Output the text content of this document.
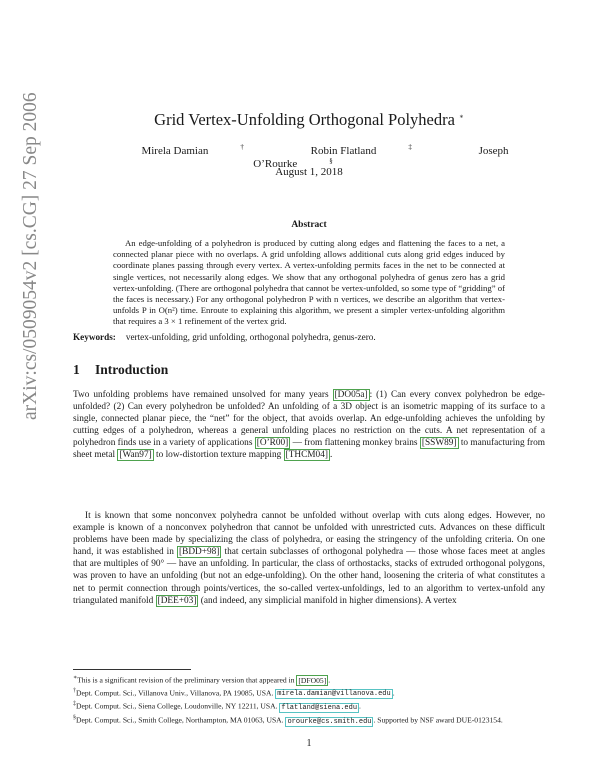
arXiv:cs/0509054v2 [cs.CG] 27 Sep 2006	Grid Vertex-Unfolding Orthogonal Polyhedra ∗
Mirela Damian	†	Robin Flatland	‡	Joseph O’Rourke	§
August 1, 2018
Abstract
An edge-unfolding of a polyhedron is produced by cutting along edges and flattening the faces to a net, a connected planar piece with no overlaps. A grid unfolding allows additional cuts along grid edges induced by coordinate planes passing through every vertex. A vertex-unfolding permits faces in the net to be connected at single vertices, not necessarily along edges. We show that any orthogonal polyhedra of genus zero has a grid vertex-unfolding. (There are orthogonal polyhedra that cannot be vertex-unfolded, so some type of “gridding” of the faces is necessary.) For any orthogonal polyhedron P with n vertices, we describe an algorithm that vertex-unfolds P in O(n²) time. Enroute to explaining this algorithm, we present a simpler vertex-unfolding algorithm that requires a 3 × 1 refinement of the vertex grid.
Keywords: vertex-unfolding, grid unfolding, orthogonal polyhedra, genus-zero.
1 Introduction
Two unfolding problems have remained unsolved for many years [DO05a] : (1) Can every convex polyhedron be edge-unfolded? (2) Can every polyhedron be unfolded? An unfolding of a 3D object is an isometric mapping of its surface to a single, connected planar piece, the “net” for the object, that avoids overlap. An edge-unfolding achieves the unfolding by cutting edges of a polyhedron, whereas a general unfolding places no restriction on the cuts. A net representation of a polyhedron finds use in a variety of applications [O’R00] — from flattening monkey brains [SSW89] to manufacturing from sheet metal [Wan97] to low-distortion texture mapping [THCM04] .
It is known that some nonconvex polyhedra cannot be unfolded without overlap with cuts along edges. However, no example is known of a nonconvex polyhedron that cannot be unfolded with unrestricted cuts. Advances on these difficult problems have been made by specializing the class of polyhedra, or easing the stringency of the unfolding criteria. On one hand, it was established in [BDD+98] that certain subclasses of orthogonal polyhedra — those whose faces meet at angles that are multiples of 90° — have an unfolding. In particular, the class of orthostacks, stacks of extruded orthogonal polygons, was proven to have an unfolding (but not an edge-unfolding). On the other hand, loosening the criteria of what constitutes a net to permit connection through points/vertices, the so-called vertex-unfoldings, led to an algorithm to vertex-unfold any triangulated manifold [DEE+03] (and indeed, any simplicial manifold in higher dimensions). A vertex

∗This is a significant revision of the preliminary version that appeared in [DFO05] .

†Dept. Comput. Sci., Villanova Univ., Villanova, PA 19085, USA. mirela.damian@villanova.edu .

‡Dept. Comput. Sci., Siena College, Loudonville, NY 12211, USA. flatland@siena.edu .

§Dept. Comput. Sci., Smith College, Northampton, MA 01063, USA. orourke@cs.smith.edu . Supported by NSF award DUE-0123154.

1
